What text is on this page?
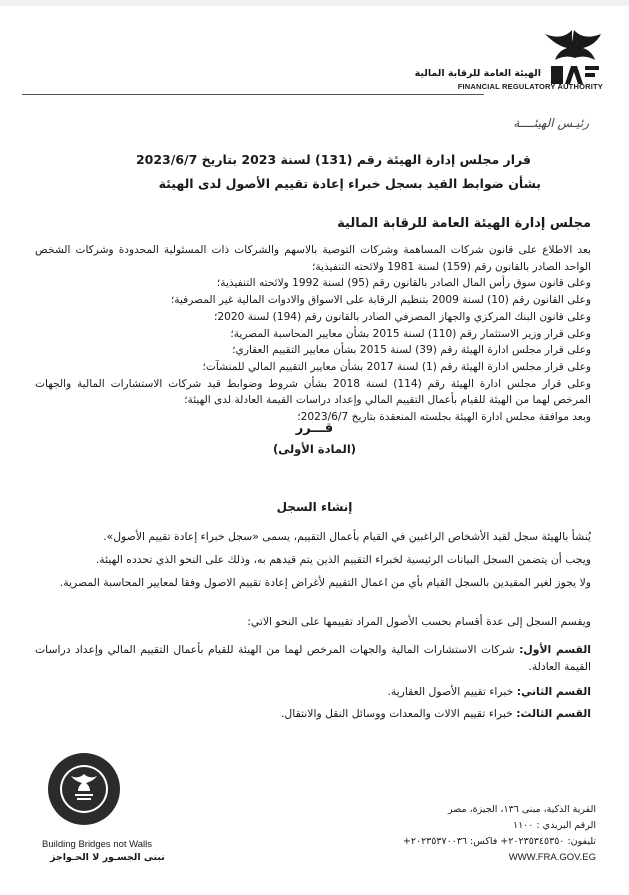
الهيئة العامة للرقابة المالية
FINANCIAL REGULATORY AUTHORITY
رئيـس الهيئــــة
قرار مجلس إدارة الهيئة رقم (131) لسنة 2023 بتاريخ 2023/6/7
بشأن ضوابط القيد بسجل خبراء إعادة تقييم الأصول لدى الهيئة
مجلس إدارة الهيئة العامة للرقابة المالية

بعد الاطلاع على قانون شركات المساهمة وشركات التوصية بالاسهم والشركات ذات المسئولية المحدودة وشركات الشخص الواحد الصادر بالقانون رقم (159) لسنة 1981 ولائحته التنفيذية؛

وعلى قانون سوق رأس المال الصادر بالقانون رقم (95) لسنة 1992 ولائحته التنفيذية؛

وعلى القانون رقم (10) لسنة 2009 بتنظيم الرقابة على الاسواق والادوات المالية غير المصرفية؛

وعلى قانون البنك المركزي والجهاز المصرفي الصادر بالقانون رقم (194) لسنة 2020؛

وعلى قرار وزير الاستثمار رقم (110) لسنة 2015 بشأن معايير المحاسبة المصرية؛

وعلى قرار مجلس ادارة الهيئة رقم (39) لسنة 2015 بشأن معايير التقييم العقاري؛

وعلى قرار مجلس ادارة الهيئة رقم (1) لسنة 2017 بشأن معايير التقييم المالي للمنشآت؛

وعلى قرار مجلس ادارة الهيئة رقم (114) لسنة 2018 بشأن شروط وضوابط قيد شركات الاستشارات المالية والجهات المرخص لهما من الهيئة للقيام بأعمال التقييم المالي وإعداد دراسات القيمة العادلة لدى الهيئة؛

وبعد موافقة مجلس ادارة الهيئة بجلسته المنعقدة بتاريخ 2023/6/7؛

قـــرر
(المادة الأولى)
إنشاء السجل
يُنشأ بالهيئة سجل لقيد الأشخاص الراغبين في القيام بأعمال التقييم، يسمى «سجل خبراء إعادة تقييم الأصول».
ويجب أن يتضمن السجل البيانات الرئيسية لخبراء التقييم الذين يتم قيدهم به، وذلك على النحو الذي تحدده الهيئة.
ولا يجوز لغير المقيدين بالسجل القيام بأي من اعمال التقييم لأغراض إعادة تقييم الاصول وفقا لمعايير المحاسبة المصرية.
ويقسم السجل إلى عدة أقسام بحسب الأصول المراد تقييمها على النحو الاتي:
القسم الأول: شركات الاستشارات المالية والجهات المرخص لهما من الهيئة للقيام بأعمال التقييم المالي وإعداد دراسات القيمة العادلة.
القسم الثاني: خبراء تقييم الأصول العقارية.
القسم الثالث: خبراء تقييم الالات والمعدات ووسائل النقل والانتقال.
Building Bridges not Walls
نبنى الجسـور لا الحـواجز
القرية الذكية، مبنى ١٣٦، الجيزة، مصر
الرقم البريدي : ١١٠٠
تليفون: ٢٠٢٣٥٣٤٥٣٥٠+ فاكس: ٢٠٢٣٥٣٧٠٠٣٦+
WWW.FRA.GOV.EG
